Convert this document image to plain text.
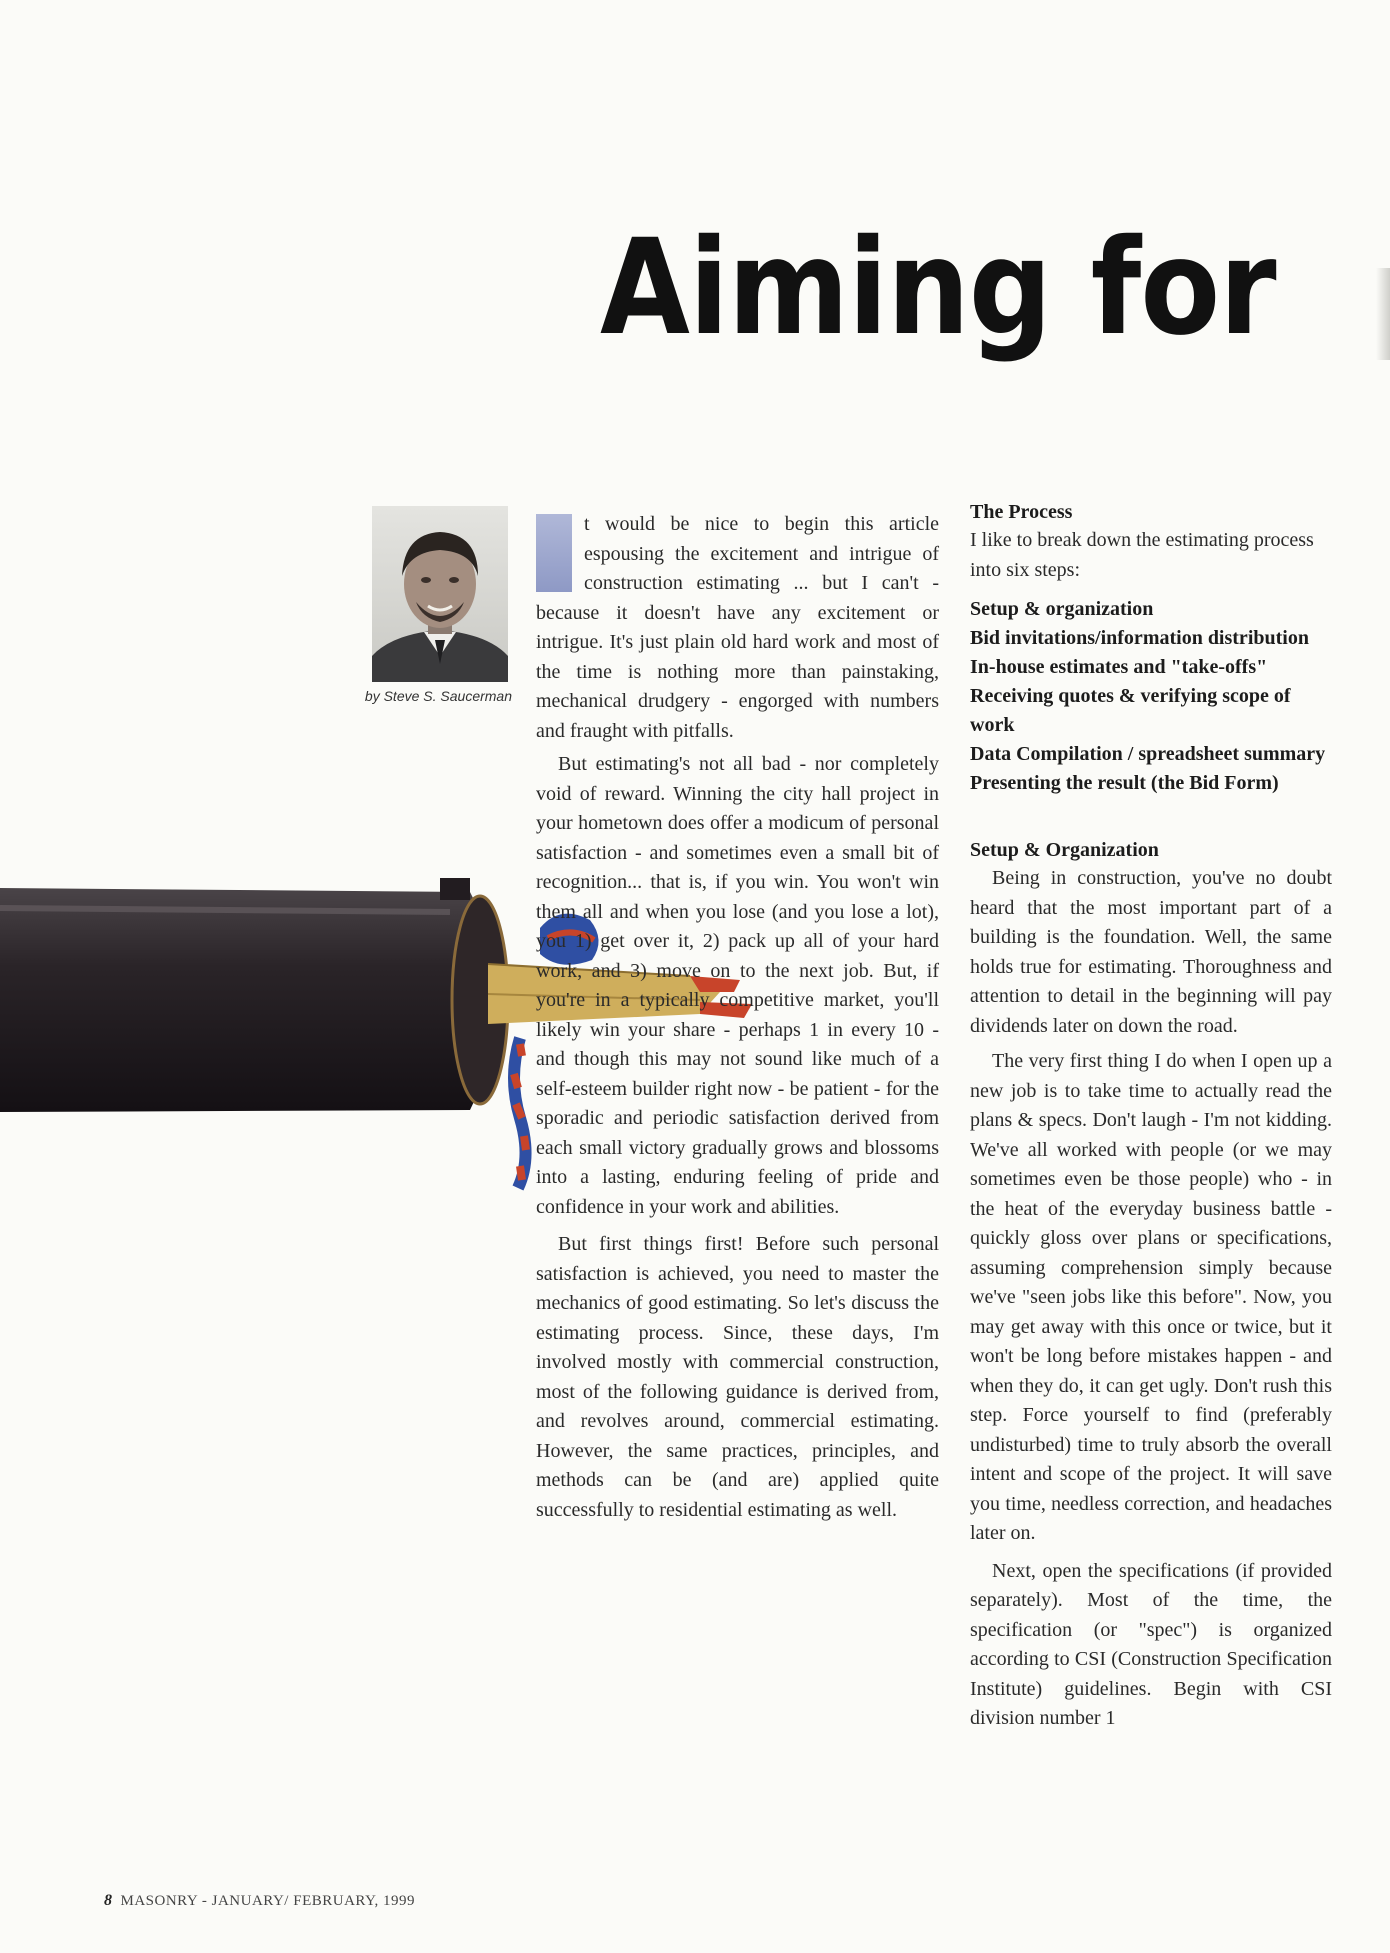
Aiming for

by Steve S. Saucerman

t would be nice to begin this article espousing the excitement and intrigue of construction estimating ... but I can't - because it doesn't have any excitement or intrigue. It's just plain old hard work and most of the time is nothing more than painstaking, mechanical drudgery - engorged with numbers and fraught with pitfalls.

But estimating's not all bad - nor completely void of reward. Winning the city hall project in your hometown does offer a modicum of personal satisfaction - and sometimes even a small bit of recognition... that is, if you win. You won't win them all and when you lose (and you lose a lot), you 1) get over it, 2) pack up all of your hard work, and 3) move on to the next job. But, if you're in a typically competitive market, you'll likely win your share - perhaps 1 in every 10 - and though this may not sound like much of a self-esteem builder right now - be patient - for the sporadic and periodic satisfaction derived from each small victory gradually grows and blossoms into a lasting, enduring feeling of pride and confidence in your work and abilities.

But first things first! Before such personal satisfaction is achieved, you need to master the mechanics of good estimating. So let's discuss the estimating process. Since, these days, I'm involved mostly with commercial construction, most of the following guidance is derived from, and revolves around, commercial estimating. However, the same practices, principles, and methods can be (and are) applied quite successfully to residential estimating as well.

The Process

I like to break down the estimating process into six steps:

Setup & organization

Bid invitations/information distribution

In-house estimates and "take-offs"

Receiving quotes & verifying scope of work

Data Compilation / spreadsheet summary

Presenting the result (the Bid Form)

Setup & Organization

Being in construction, you've no doubt heard that the most important part of a building is the foundation. Well, the same holds true for estimating. Thoroughness and attention to detail in the beginning will pay dividends later on down the road.

The very first thing I do when I open up a new job is to take time to actually read the plans & specs. Don't laugh - I'm not kidding. We've all worked with people (or we may sometimes even be those people) who - in the heat of the everyday business battle - quickly gloss over plans or specifications, assuming comprehension simply because we've "seen jobs like this before". Now, you may get away with this once or twice, but it won't be long before mistakes happen - and when they do, it can get ugly. Don't rush this step. Force yourself to find (preferably undisturbed) time to truly absorb the overall intent and scope of the project. It will save you time, needless correction, and headaches later on.

Next, open the specifications (if provided separately). Most of the time, the specification (or "spec") is organized according to CSI (Construction Specification Institute) guidelines. Begin with CSI division number 1

8 MASONRY - JANUARY/ FEBRUARY, 1999
